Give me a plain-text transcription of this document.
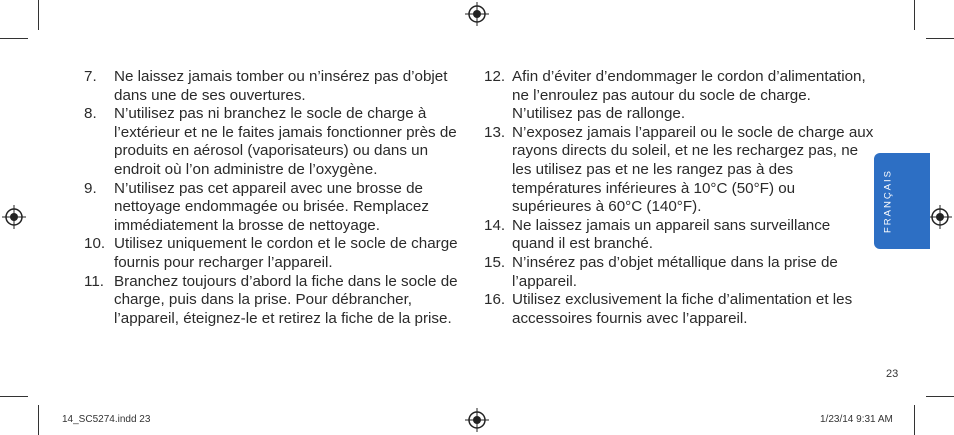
7.	Ne laissez jamais tomber ou n’insérez pas d’objet dans une de ses ouvertures.
8.	N’utilisez pas ni branchez le socle de charge à l’extérieur et ne le faites jamais fonctionner près de produits en aérosol (vaporisateurs) ou dans un endroit où l’on administre de l’oxygène.
9.	N’utilisez pas cet appareil avec une brosse de nettoyage endommagée ou brisée. Remplacez immédiatement la brosse de nettoyage.
10. Utilisez uniquement le cordon et le socle de charge fournis pour recharger l’appareil.
11. Branchez toujours d’abord la fiche dans le socle de charge, puis dans la prise. Pour débrancher, l’appareil, éteignez-le et retirez la fiche de la prise.
12. Afin d’éviter d’endommager le cordon d’alimentation, ne l’enroulez pas autour du socle de charge. N’utilisez pas de rallonge.
13. N’exposez jamais l’appareil ou le socle de charge aux rayons directs du soleil, et ne les rechargez pas, ne les utilisez pas et ne les rangez pas à des températures inférieures à 10°C (50°F) ou supérieures à 60°C (140°F).
14. Ne laissez jamais un appareil sans surveillance quand il est branché.
15. N’insérez pas d’objet métallique dans la prise de l’appareil.
16. Utilisez exclusivement la fiche d’alimentation et les accessoires fournis avec l’appareil.
FRANÇAIS
23
14_SC5274.indd 23	1/23/14 9:31 AM
